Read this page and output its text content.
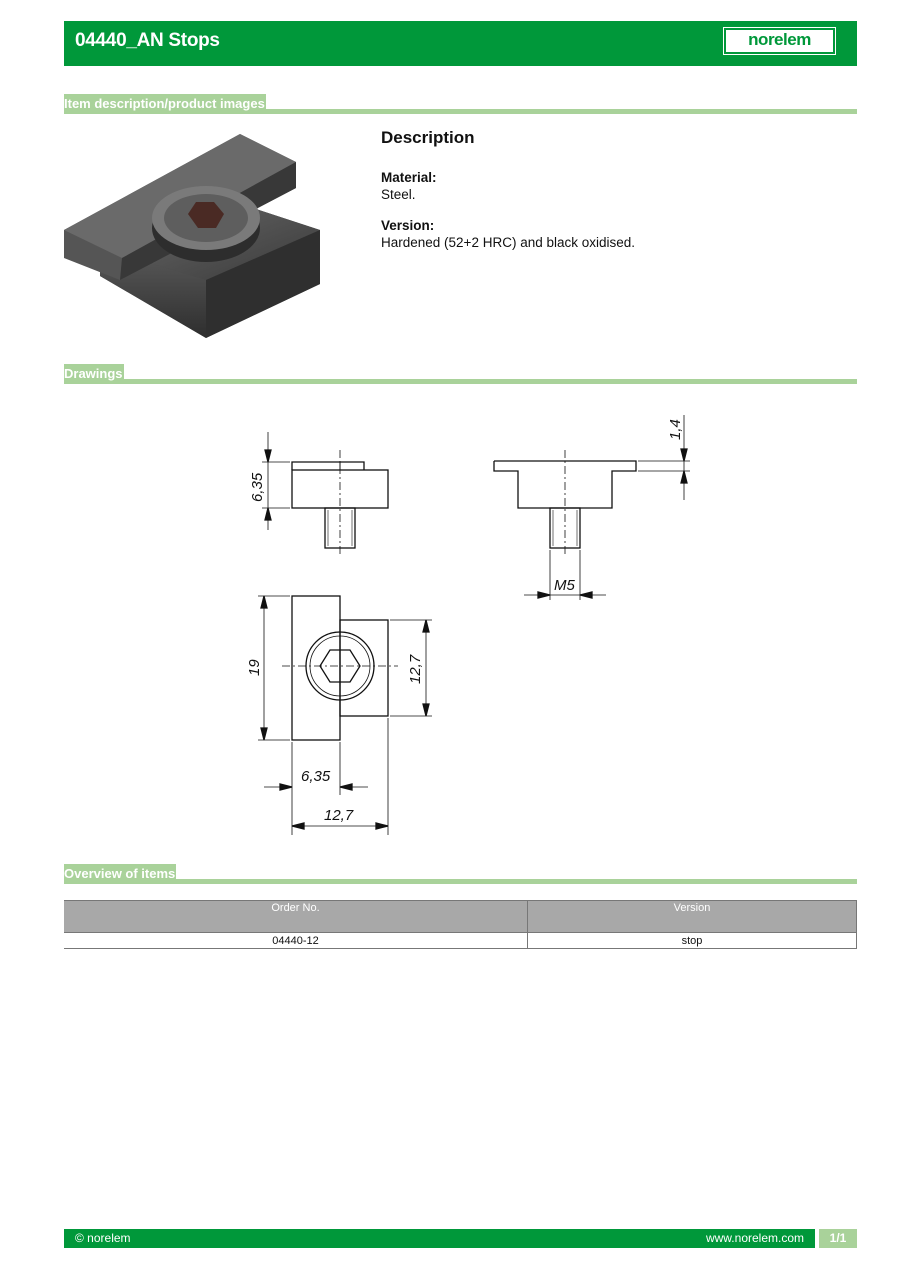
04440_AN Stops	norelem
Item description/product images
Description
Material:
Steel.
Version:
Hardened (52+2 HRC) and black oxidised.
Drawings
6,35
1,4
M5
19	12,7
6,35
12,7
Overview of items
Order No.	Version
04440-12	stop
© norelem	www.norelem.com	1/1
